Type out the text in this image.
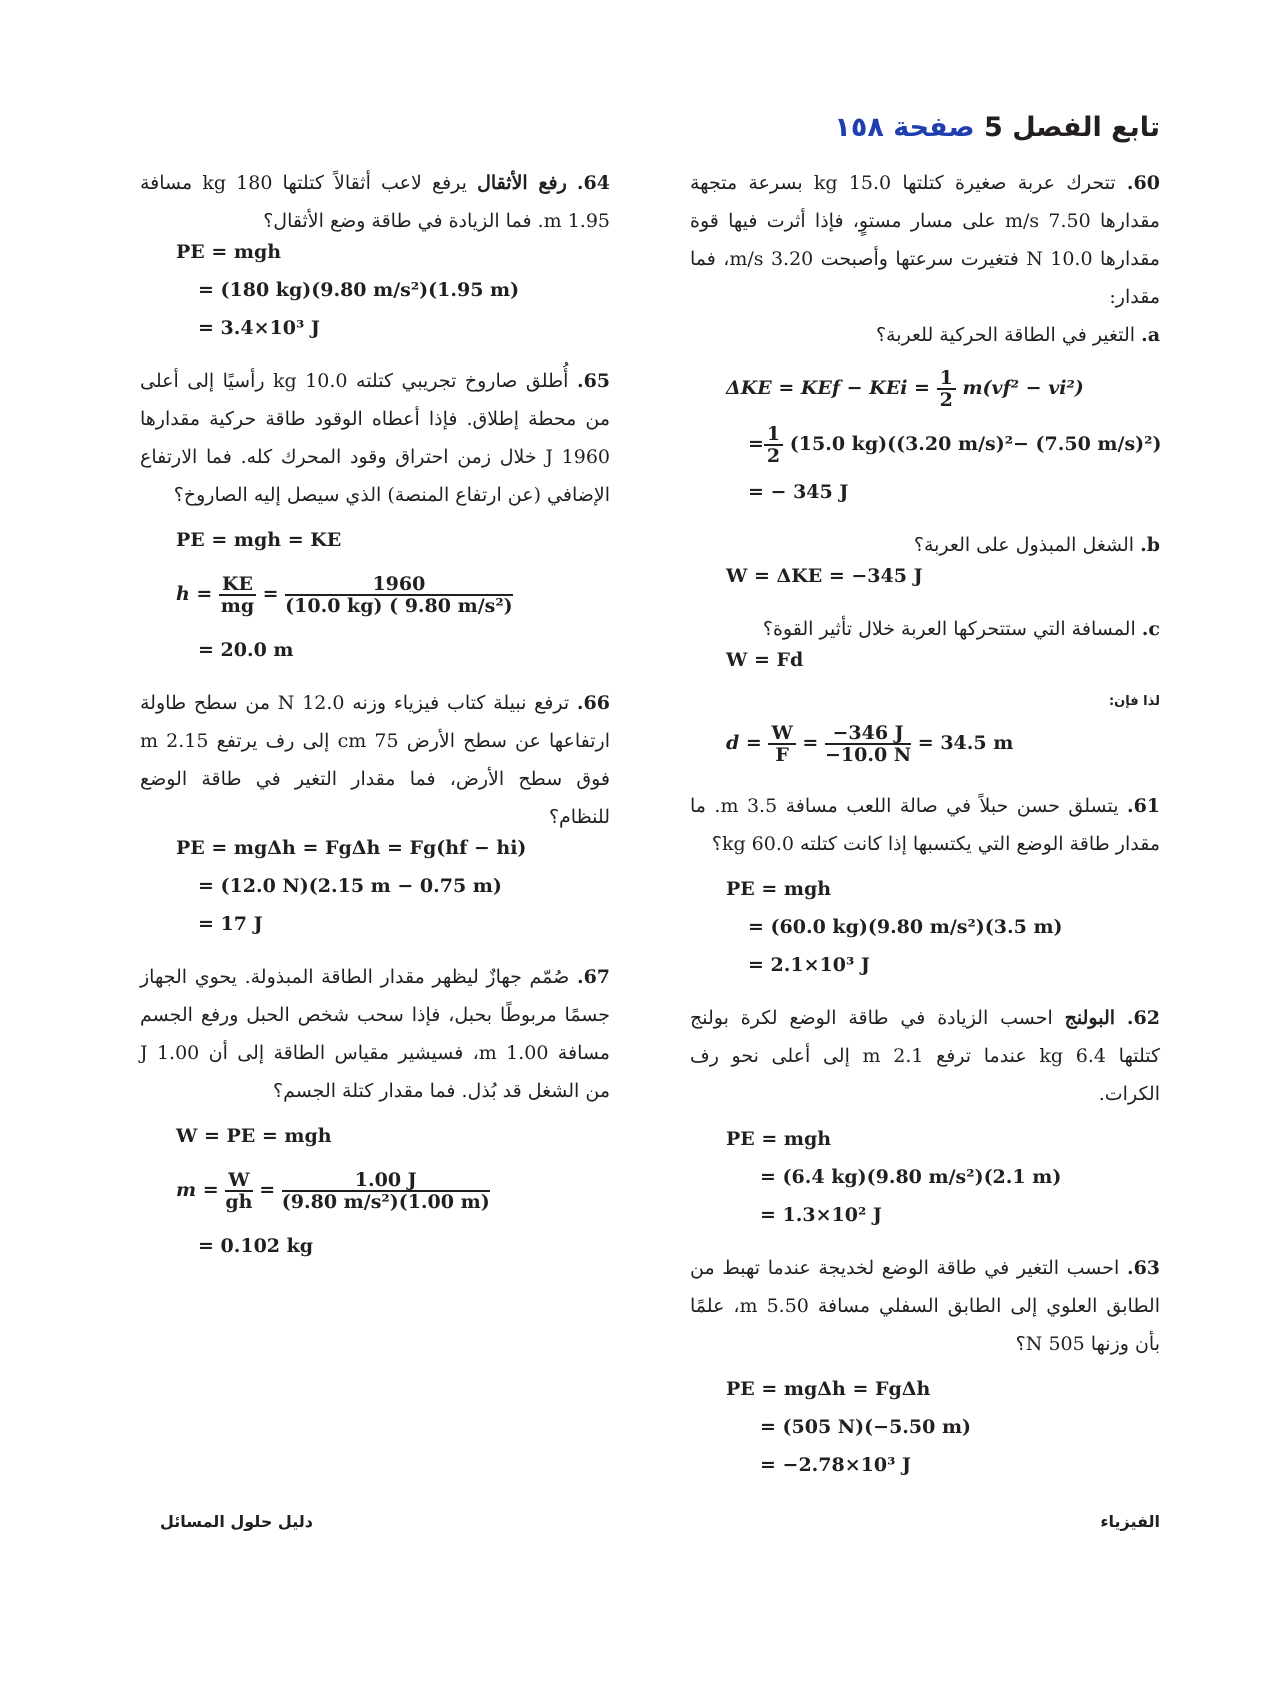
تابع الفصل 5 صفحة ١٥٨

60. تتحرك عربة صغيرة كتلتها 15.0 kg بسرعة متجهة مقدارها 7.50 m/s على مسار مستوٍ، فإذا أثرت فيها قوة مقدارها 10.0 N فتغيرت سرعتها وأصبحت 3.20 m/s، فما مقدار:

a. التغير في الطاقة الحركية للعربة؟

ΔKE = KEf − KEi = $\frac{1}{2} m(vf^2 - vi^2)$
= $\frac{1}{2} (15.0$ kg)((3.20 m/s)²− (7.50 m/s)²)
= − 345 J

b. الشغل المبذول على العربة؟

W = ΔKE = −345 J

c. المسافة التي ستتحركها العربة خلال تأثير القوة؟

W = Fd
لذا فإن:
$d = \frac{W}{F} = \frac{-346 J}{-10.0 N} = 34.5$ m

61. يتسلق حسن حبلاً في صالة اللعب مسافة 3.5 m. ما مقدار طاقة الوضع التي يكتسبها إذا كانت كتلته 60.0 kg؟

PE = mgh
= (60.0 kg)(9.80 m/s²)(3.5 m)
= 2.1×10³ J

62. البولنج احسب الزيادة في طاقة الوضع لكرة بولنج كتلتها 6.4 kg عندما ترفع 2.1 m إلى أعلى نحو رف الكرات.

PE = mgh
= (6.4 kg)(9.80 m/s²)(2.1 m)
= 1.3×10² J

63. احسب التغير في طاقة الوضع لخديجة عندما تهبط من الطابق العلوي إلى الطابق السفلي مسافة 5.50 m، علمًا بأن وزنها 505 N؟

PE = mgΔh = FgΔh
= (505 N)(−5.50 m)
= −2.78×10³ J

64. رفع الأثقال يرفع لاعب أثقالاً كتلتها 180 kg مسافة 1.95 m. فما الزيادة في طاقة وضع الأثقال؟

PE = mgh
= (180 kg)(9.80 m/s²)(1.95 m)
= 3.4×10³ J

65. أُطلق صاروخ تجريبي كتلته 10.0 kg رأسيًا إلى أعلى من محطة إطلاق. فإذا أعطاه الوقود طاقة حركية مقدارها 1960 J خلال زمن احتراق وقود المحرك كله. فما الارتفاع الإضافي (عن ارتفاع المنصة) الذي سيصل إليه الصاروخ؟

PE = mgh = KE
$h = \frac{KE}{mg} = \frac{1960}{\text{(10.0 kg) ( 9.80 m/s²)}}$
= 20.0 m

66. ترفع نبيلة كتاب فيزياء وزنه 12.0 N من سطح طاولة ارتفاعها عن سطح الأرض 75 cm إلى رف يرتفع 2.15 m فوق سطح الأرض، فما مقدار التغير في طاقة الوضع للنظام؟

PE = mgΔh = FgΔh = Fg(hf − hi)
= (12.0 N)(2.15 m − 0.75 m)
= 17 J

67. صُمّم جهازٌ ليظهر مقدار الطاقة المبذولة. يحوي الجهاز جسمًا مربوطًا بحبل، فإذا سحب شخص الحبل ورفع الجسم مسافة 1.00 m، فسيشير مقياس الطاقة إلى أن 1.00 J من الشغل قد بُذل. فما مقدار كتلة الجسم؟

W = PE = mgh
$m = \frac{W}{gh} = \frac{1.00 J}{\text{(9.80 m/s²)(1.00 m)}}$
= 0.102 kg
الفيزياء
دليل حلول المسائل
